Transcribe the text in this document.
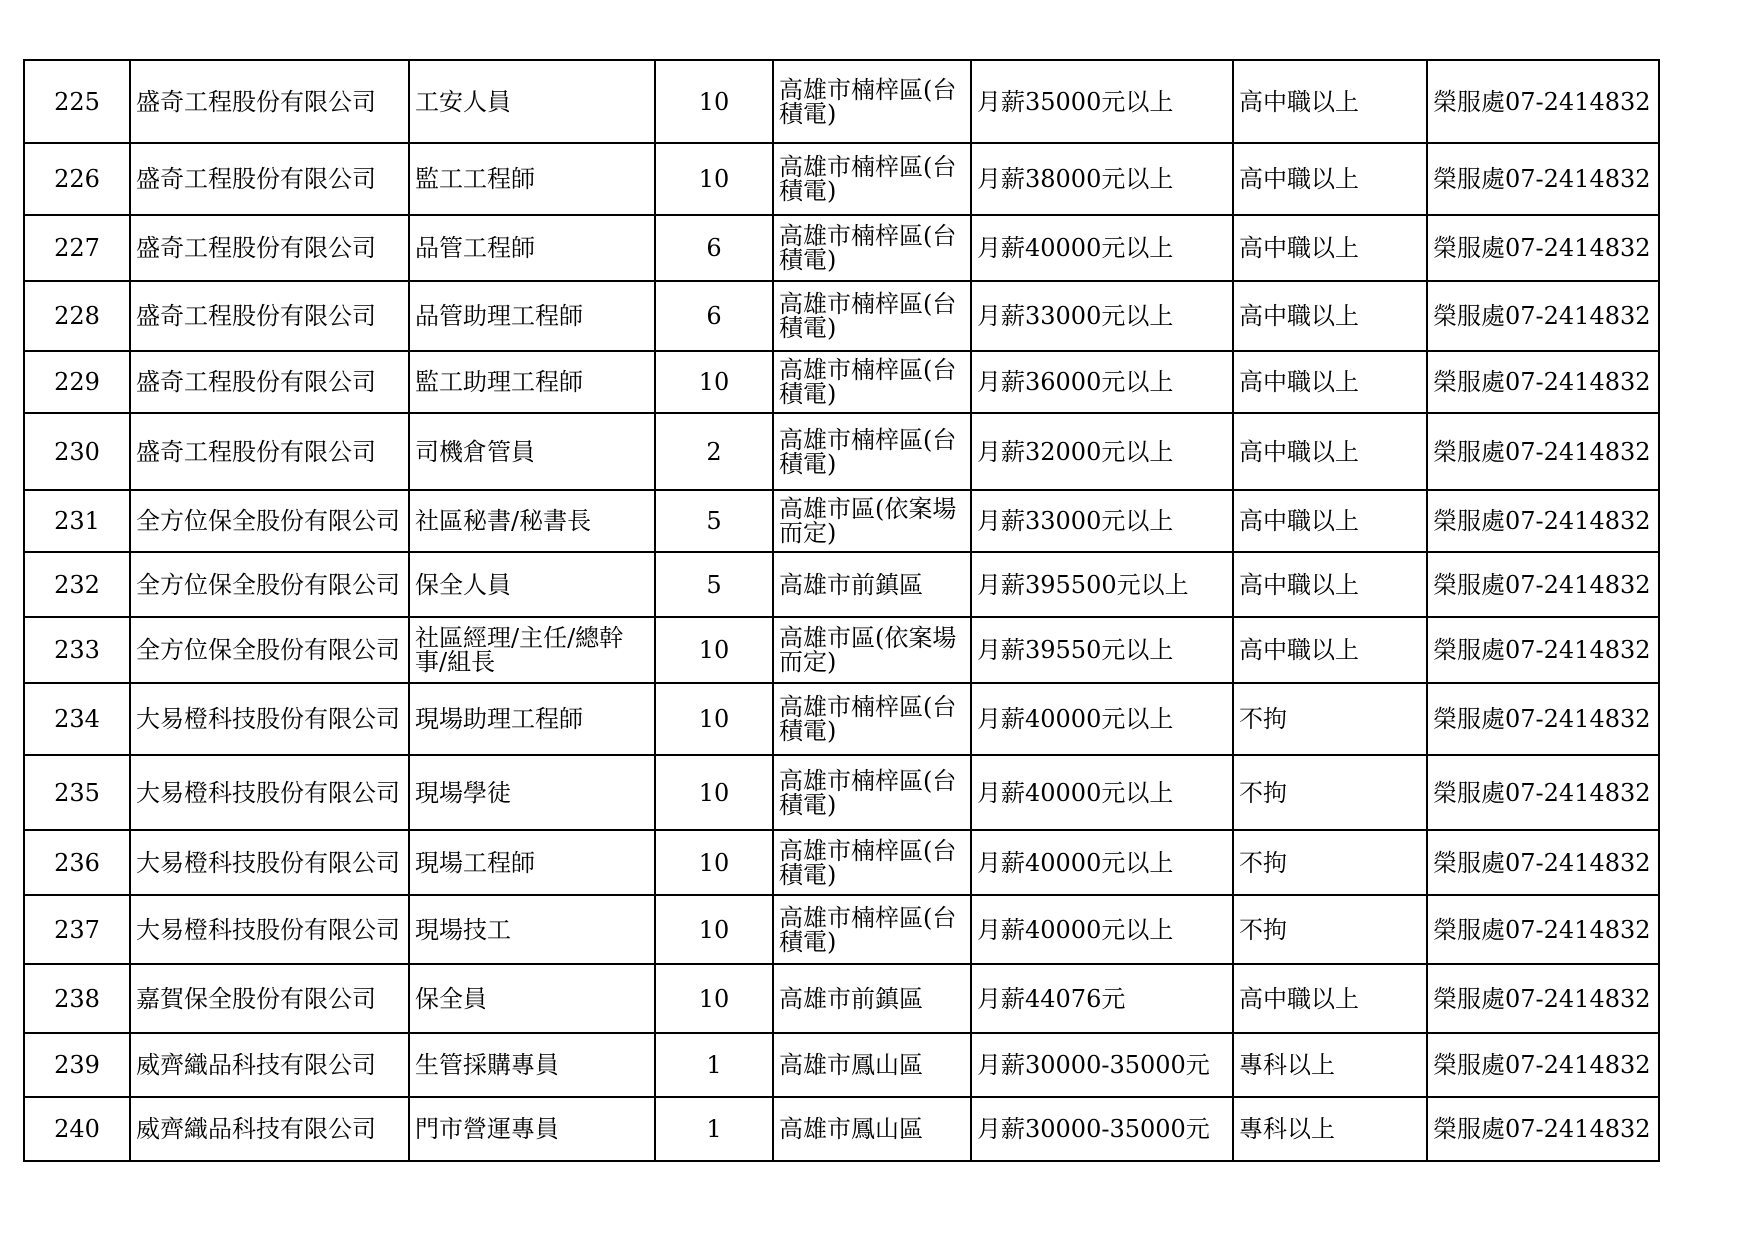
225	盛奇工程股份有限公司	工安人員	10	高雄市楠梓區(台積電)	月薪35000元以上	高中職以上	榮服處07-2414832
226	盛奇工程股份有限公司	監工工程師	10	高雄市楠梓區(台積電)	月薪38000元以上	高中職以上	榮服處07-2414832
227	盛奇工程股份有限公司	品管工程師	6	高雄市楠梓區(台積電)	月薪40000元以上	高中職以上	榮服處07-2414832
228	盛奇工程股份有限公司	品管助理工程師	6	高雄市楠梓區(台積電)	月薪33000元以上	高中職以上	榮服處07-2414832
229	盛奇工程股份有限公司	監工助理工程師	10	高雄市楠梓區(台積電)	月薪36000元以上	高中職以上	榮服處07-2414832
230	盛奇工程股份有限公司	司機倉管員	2	高雄市楠梓區(台積電)	月薪32000元以上	高中職以上	榮服處07-2414832
231	全方位保全股份有限公司	社區秘書/秘書長	5	高雄市區(依案場而定)	月薪33000元以上	高中職以上	榮服處07-2414832
232	全方位保全股份有限公司	保全人員	5	高雄市前鎮區	月薪395500元以上	高中職以上	榮服處07-2414832
233	全方位保全股份有限公司	社區經理/主任/總幹事/組長	10	高雄市區(依案場而定)	月薪39550元以上	高中職以上	榮服處07-2414832
234	大易橙科技股份有限公司	現場助理工程師	10	高雄市楠梓區(台積電)	月薪40000元以上	不拘	榮服處07-2414832
235	大易橙科技股份有限公司	現場學徒	10	高雄市楠梓區(台積電)	月薪40000元以上	不拘	榮服處07-2414832
236	大易橙科技股份有限公司	現場工程師	10	高雄市楠梓區(台積電)	月薪40000元以上	不拘	榮服處07-2414832
237	大易橙科技股份有限公司	現場技工	10	高雄市楠梓區(台積電)	月薪40000元以上	不拘	榮服處07-2414832
238	嘉賀保全股份有限公司	保全員	10	高雄市前鎮區	月薪44076元	高中職以上	榮服處07-2414832
239	威齊織品科技有限公司	生管採購專員	1	高雄市鳳山區	月薪30000-35000元	專科以上	榮服處07-2414832
240	威齊織品科技有限公司	門市營運專員	1	高雄市鳳山區	月薪30000-35000元	專科以上	榮服處07-2414832
